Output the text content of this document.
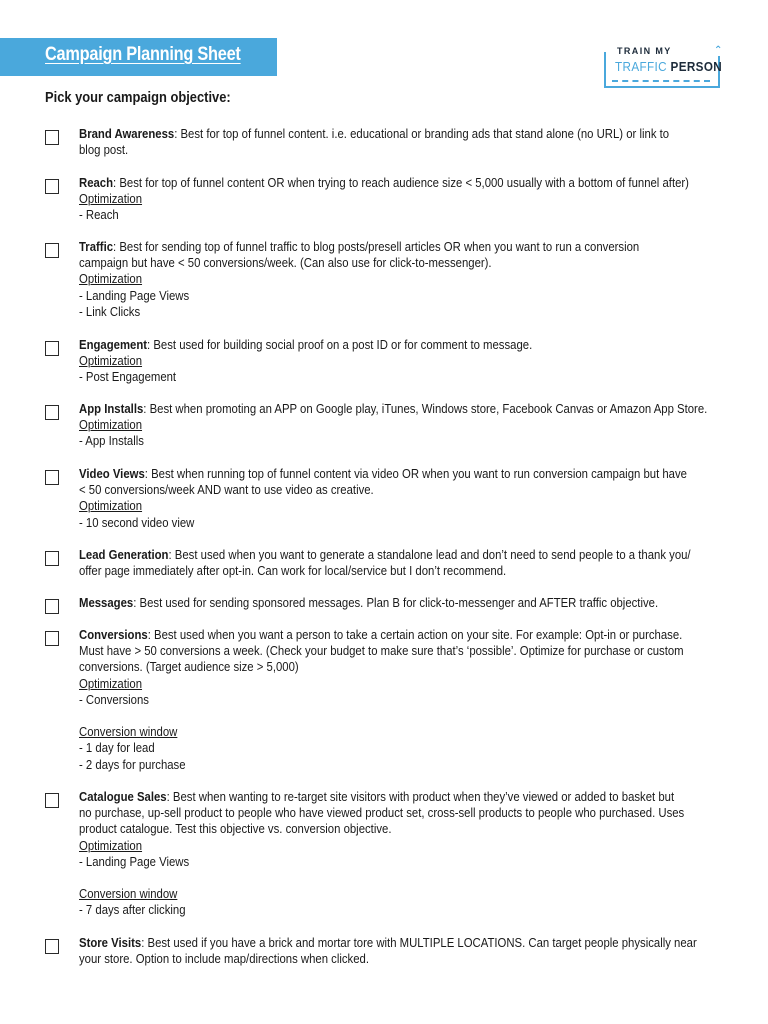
Campaign Planning Sheet	TRAIN MY
TRAFFIC PERSON
⌃
Pick your campaign objective:
Brand Awareness: Best for top of funnel content. i.e. educational or branding ads that stand alone (no URL) or link to
blog post.
Reach: Best for top of funnel content OR when trying to reach audience size < 5,000 usually with a bottom of funnel after)
Optimization
- Reach
Traffic: Best for sending top of funnel traffic to blog posts/presell articles OR when you want to run a conversion
campaign but have < 50 conversions/week. (Can also use for click-to-messenger).
Optimization
- Landing Page Views
- Link Clicks
Engagement: Best used for building social proof on a post ID or for comment to message.
Optimization
- Post Engagement
App Installs: Best when promoting an APP on Google play, iTunes, Windows store, Facebook Canvas or Amazon App Store.
Optimization
- App Installs
Video Views: Best when running top of funnel content via video OR when you want to run conversion campaign but have
< 50 conversions/week AND want to use video as creative.
Optimization
- 10 second video view
Lead Generation: Best used when you want to generate a standalone lead and don’t need to send people to a thank you/
offer page immediately after opt-in. Can work for local/service but I don’t recommend.
Messages: Best used for sending sponsored messages. Plan B for click-to-messenger and AFTER traffic objective.
Conversions: Best used when you want a person to take a certain action on your site. For example: Opt-in or purchase.
Must have > 50 conversions a week. (Check your budget to make sure that’s ‘possible’. Optimize for purchase or custom
conversions. (Target audience size > 5,000)
Optimization
- Conversions
Conversion window
- 1 day for lead
- 2 days for purchase
Catalogue Sales: Best when wanting to re-target site visitors with product when they’ve viewed or added to basket but
no purchase, up-sell product to people who have viewed product set, cross-sell products to people who purchased. Uses
product catalogue. Test this objective vs. conversion objective.
Optimization
- Landing Page Views
Conversion window
- 7 days after clicking
Store Visits: Best used if you have a brick and mortar tore with MULTIPLE LOCATIONS. Can target people physically near
your store. Option to include map/directions when clicked.
